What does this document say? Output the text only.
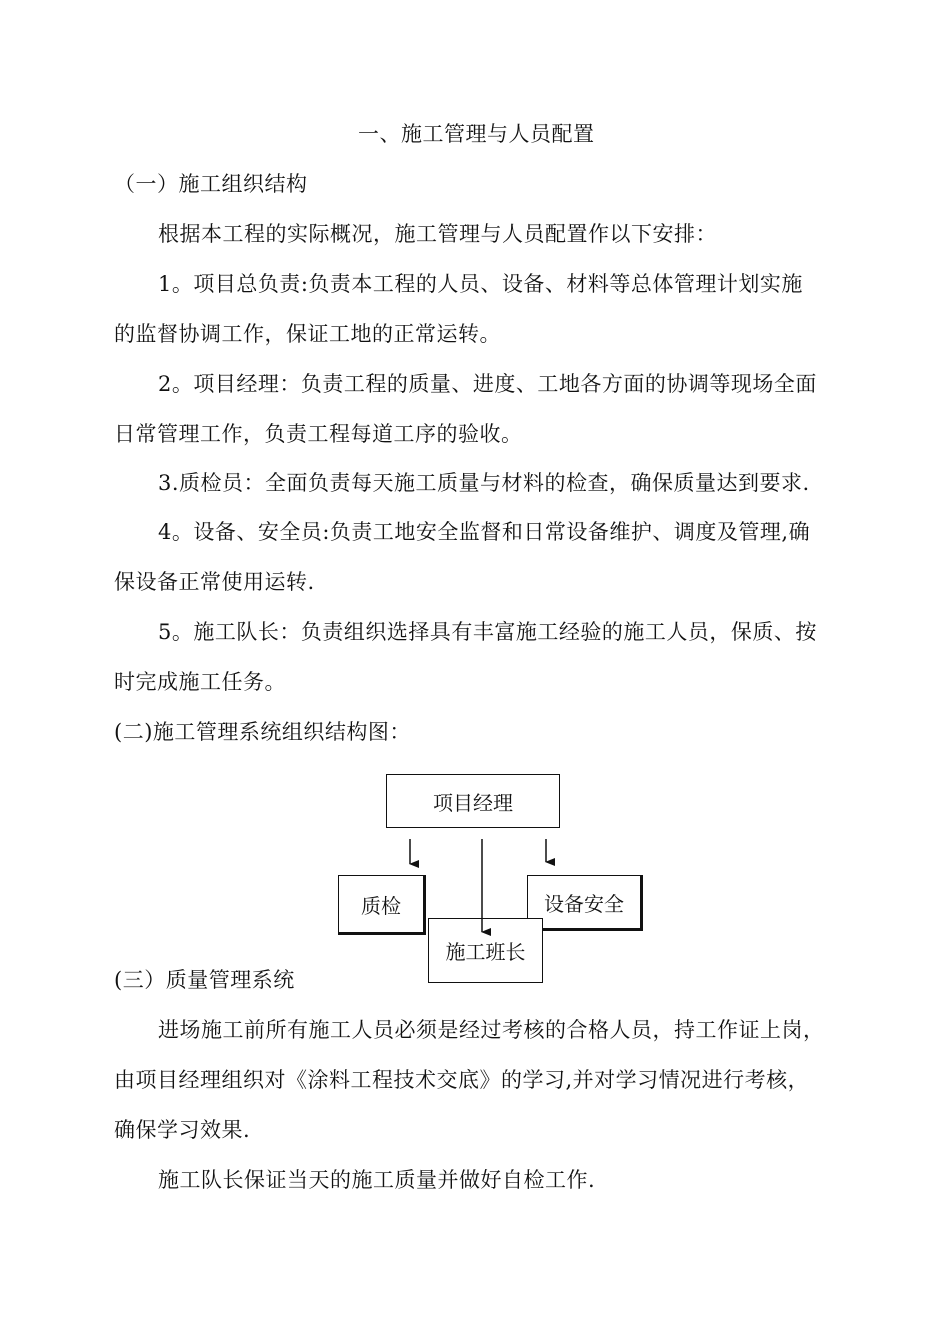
一、施工管理与人员配置
（一）施工组织结构
根据本工程的实际概况，施工管理与人员配置作以下安排：
1。项目总负责:负责本工程的人员、设备、材料等总体管理计划实施
的监督协调工作，保证工地的正常运转。
2。项目经理：负责工程的质量、进度、工地各方面的协调等现场全面
日常管理工作，负责工程每道工序的验收。
3.质检员：全面负责每天施工质量与材料的检查，确保质量达到要求.
4。设备、安全员:负责工地安全监督和日常设备维护、调度及管理,确
保设备正常使用运转.
5。施工队长：负责组织选择具有丰富施工经验的施工人员，保质、按
时完成施工任务。
(二)施工管理系统组织结构图：
项目经理
质检	设备安全
施工班长
(三）质量管理系统
进场施工前所有施工人员必须是经过考核的合格人员，持工作证上岗，
由项目经理组织对《涂料工程技术交底》的学习,并对学习情况进行考核，
确保学习效果.
施工队长保证当天的施工质量并做好自检工作.
